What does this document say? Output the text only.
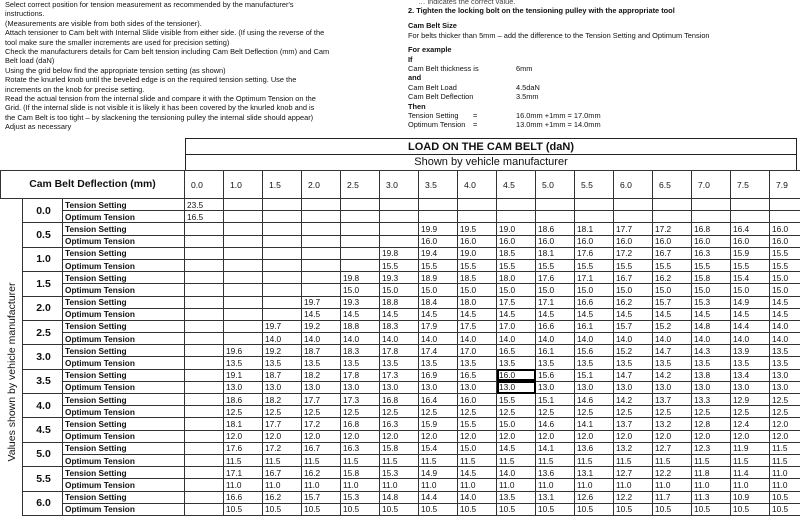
Select correct position for tension measurement as recommended by the manufacturer's
instructions.
(Measurements are visible from both sides of the tensioner).
Attach tensioner to Cam belt with Internal Slide visible from either side. (If using the reverse of the
tool make sure the smaller increments are used for precision setting)
Check the manufacturers details for Cam belt tension including Cam Belt Deflection (mm) and Cam
Belt load (daN)
Using the grid below find the appropriate tension setting (as shown)
Rotate the knurled knob until the beveled edge is on the required tension setting. Use the
increments on the knob for precise setting.
Read the actual tension from the internal slide and compare it with the Optimum Tension on the
Grid. (If the internal slide is not visible it is likely it has been covered by the knurled knob and is
the Cam Belt is too tight – by slackening the tensioning pulley the internal slide should appear)
Adjust as necessary
… indicates the correct value.
2. Tighten the locking bolt on the tensioning pulley with the appropriate tool
Cam Belt Size
For belts thicker than 5mm – add the difference to the Tension Setting and Optimum Tension
For example
If
Cam Belt thickness is	6mm
and
Cam Belt Load	4.5daN
Cam Belt Deflection	3.5mm
Then
Tension Setting =	16.0mm +1mm = 17.0mm
Optimum Tension =	13.0mm +1mm = 14.0mm
LOAD ON THE CAM BELT (daN)
Shown by vehicle manufacturer
Cam Belt Deflection (mm)			0.0	1.0	1.5	2.0	2.5	3.0	3.5	4.0	4.5	5.0	5.5	6.0	6.5	7.0	7.5	7.9

Values shown by vehicle manufacturer	0.0	Tension Setting	23.5															
		Optimum Tension	16.5															
	0.5	Tension Setting							19.9	19.5	19.0	18.6	18.1	17.7	17.2	16.8	16.4	16.0
		Optimum Tension							16.0	16.0	16.0	16.0	16.0	16.0	16.0	16.0	16.0	16.0
	1.0	Tension Setting						19.8	19.4	19.0	18.5	18.1	17.6	17.2	16.7	16.3	15.9	15.5
		Optimum Tension						15.5	15.5	15.5	15.5	15.5	15.5	15.5	15.5	15.5	15.5	15.5
	1.5	Tension Setting					19.8	19.3	18.9	18.5	18.0	17.6	17.1	16.7	16.2	15.8	15.4	15.0
		Optimum Tension					15.0	15.0	15.0	15.0	15.0	15.0	15.0	15.0	15.0	15.0	15.0	15.0
	2.0	Tension Setting				19.7	19.3	18.8	18.4	18.0	17.5	17.1	16.6	16.2	15.7	15.3	14.9	14.5
		Optimum Tension				14.5	14.5	14.5	14.5	14.5	14.5	14.5	14.5	14.5	14.5	14.5	14.5	14.5
	2.5	Tension Setting			19.7	19.2	18.8	18.3	17.9	17.5	17.0	16.6	16.1	15.7	15.2	14.8	14.4	14.0
		Optimum Tension			14.0	14.0	14.0	14.0	14.0	14.0	14.0	14.0	14.0	14.0	14.0	14.0	14.0	14.0
	3.0	Tension Setting		19.6	19.2	18.7	18.3	17.8	17.4	17.0	16.5	16.1	15.6	15.2	14.7	14.3	13.9	13.5
		Optimum Tension		13.5	13.5	13.5	13.5	13.5	13.5	13.5	13.5	13.5	13.5	13.5	13.5	13.5	13.5	13.5
	3.5	Tension Setting		19.1	18.7	18.2	17.8	17.3	16.9	16.5	16.0	15.6	15.1	14.7	14.2	13.8	13.4	13.0
		Optimum Tension		13.0	13.0	13.0	13.0	13.0	13.0	13.0	13.0	13.0	13.0	13.0	13.0	13.0	13.0	13.0
	4.0	Tension Setting		18.6	18.2	17.7	17.3	16.8	16.4	16.0	15.5	15.1	14.6	14.2	13.7	13.3	12.9	12.5
		Optimum Tension		12.5	12.5	12.5	12.5	12.5	12.5	12.5	12.5	12.5	12.5	12.5	12.5	12.5	12.5	12.5
	4.5	Tension Setting		18.1	17.7	17.2	16.8	16.3	15.9	15.5	15.0	14.6	14.1	13.7	13.2	12.8	12.4	12.0
		Optimum Tension		12.0	12.0	12.0	12.0	12.0	12.0	12.0	12.0	12.0	12.0	12.0	12.0	12.0	12.0	12.0
	5.0	Tension Setting		17.6	17.2	16.7	16.3	15.8	15.4	15.0	14.5	14.1	13.6	13.2	12.7	12.3	11.9	11.5
		Optimum Tension		11.5	11.5	11.5	11.5	11.5	11.5	11.5	11.5	11.5	11.5	11.5	11.5	11.5	11.5	11.5
	5.5	Tension Setting		17.1	16.7	16.2	15.8	15.3	14.9	14.5	14.0	13.6	13.1	12.7	12.2	11.8	11.4	11.0
		Optimum Tension		11.0	11.0	11.0	11.0	11.0	11.0	11.0	11.0	11.0	11.0	11.0	11.0	11.0	11.0	11.0
	6.0	Tension Setting		16.6	16.2	15.7	15.3	14.8	14.4	14.0	13.5	13.1	12.6	12.2	11.7	11.3	10.9	10.5
		Optimum Tension		10.5	10.5	10.5	10.5	10.5	10.5	10.5	10.5	10.5	10.5	10.5	10.5	10.5	10.5	10.5
